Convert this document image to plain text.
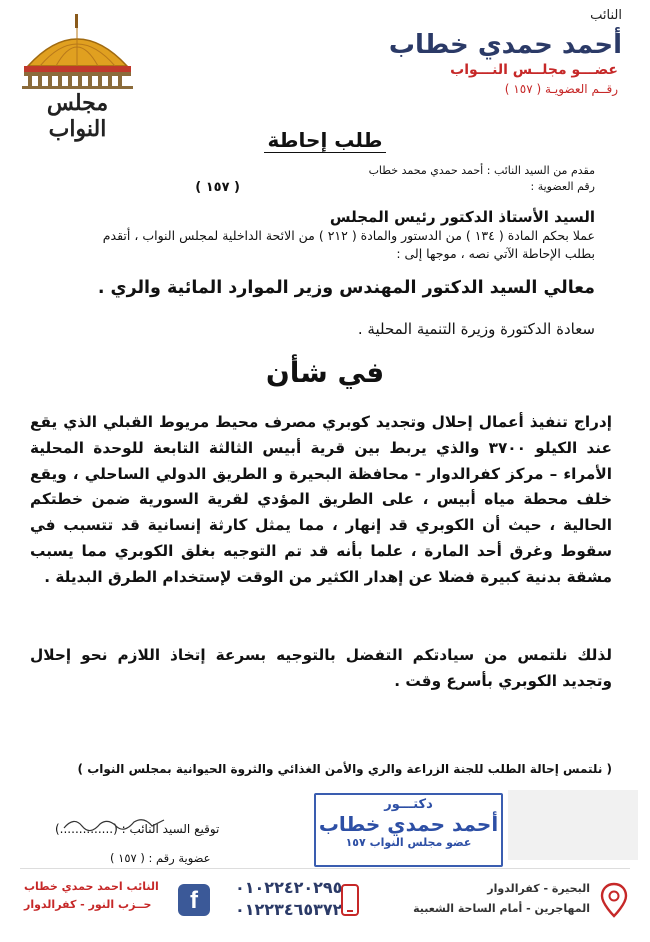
مجلس النواب
النائب
أحمد حمدي خطاب
عضـــو مجلــس النـــواب
رقــم العضويـة ( ١٥٧ )
طلب إحاطة
مقدم من السيد النائب : أحمد حمدي محمد خطاب
رقم العضوية :
( ١٥٧ )
السيد الأستاذ الدكتور رئيس المجلس
عملا بحكم المادة ( ١٣٤ ) من الدستور والمادة ( ٢١٢ ) من الائحة الداخلية لمجلس النواب ، أتقدم
بطلب الإحاطة الآتي نصه ، موجها إلى :
معالي السيد الدكتور المهندس وزير الموارد المائية والري .
سعادة الدكتورة وزيرة التنمية المحلية .
في شأن
إدراج تنفيذ أعمال إحلال وتجديد كوبري مصرف محيط مريوط القبلي الذي يقع عند الكيلو ٣٧٠٠ والذي يربط بين قرية أبيس الثالثة التابعة للوحدة المحلية الأمراء – مركز كفرالدوار - محافظة البحيرة و الطريق الدولي الساحلي ، ويقع خلف محطة مياه أبيس ، على الطريق المؤدي لقرية السورية ضمن خطتكم الحالية ، حيث أن الكوبري قد إنهار ، مما يمثل كارثة إنسانية قد تتسبب في سقوط وغرق أحد المارة ، علما بأنه قد تم التوجيه بغلق الكوبري مما يسبب مشقة بدنية كبيرة فضلا عن إهدار الكثير من الوقت لإستخدام الطرق البديلة .
لذلك نلتمس من سيادتكم التفضل بالتوجيه بسرعة إتخاذ اللازم نحو إحلال وتجديد الكوبري بأسرع وقت .
( نلتمس إحالة الطلب للجنة الزراعة والري والأمن الغذائي والثروة الحيوانية بمجلس النواب )
دكتـــور
أحمد حمدي خطاب
عضو مجلس النواب ١٥٧
توقيع السيد النائب : (..............)
عضوية رقم : ( ١٥٧ )
النائب احمد حمدي خطاب
حــزب النور - كفرالدوار	f	٠١٠٢٢٤٢٠٢٩٥
٠١٢٢٣٤٦٥٣٧٢
البحيرة - كفرالدوار
المهاجرين - أمام الساحة الشعبية
